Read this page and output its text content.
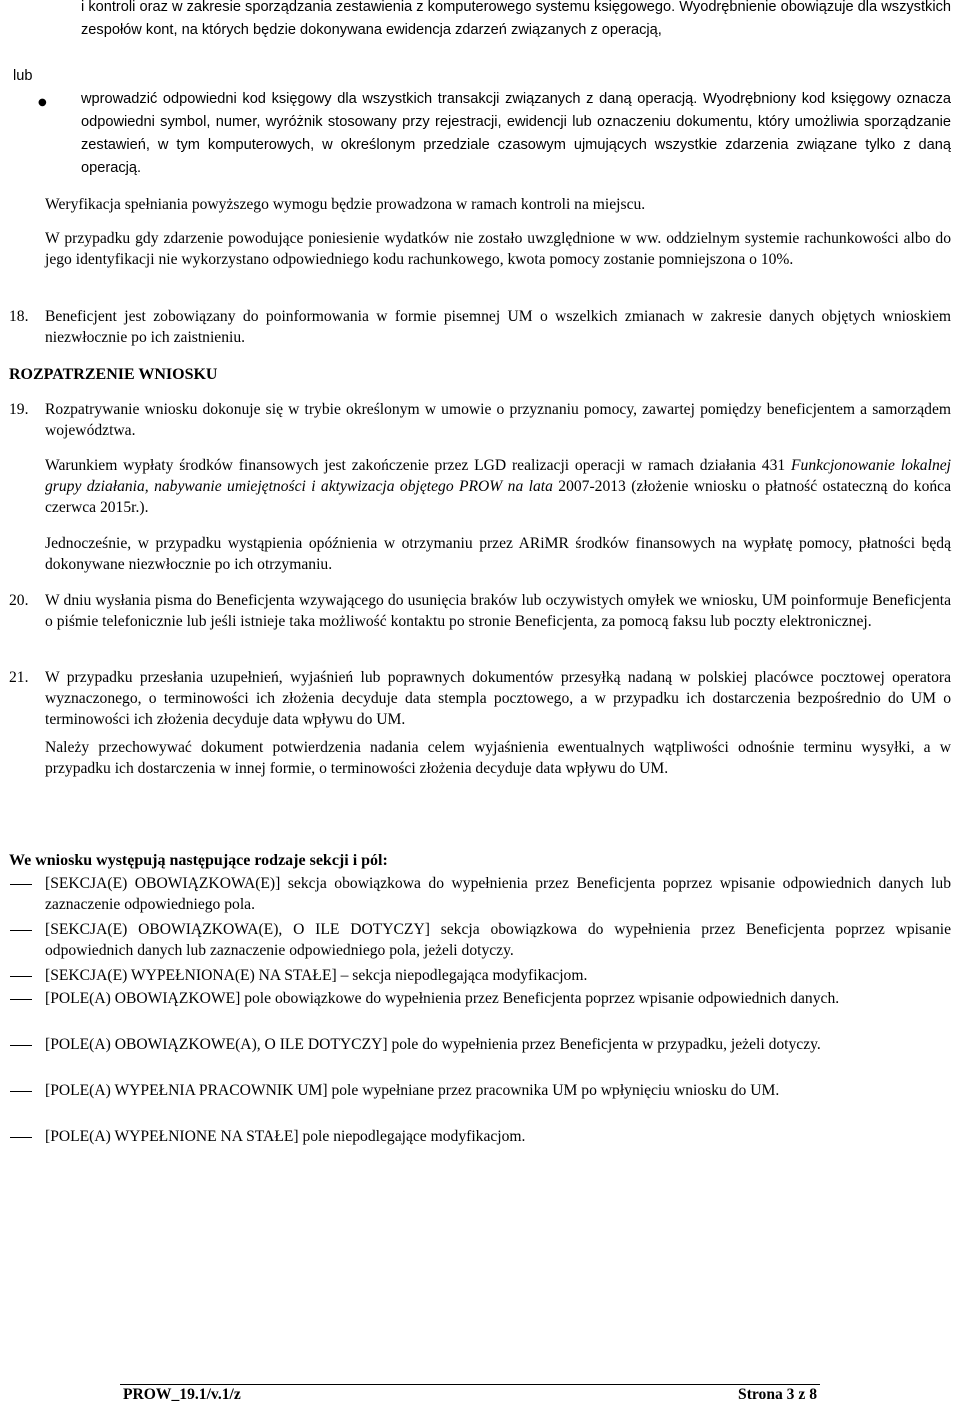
i kontroli oraz w zakresie sporządzania zestawienia z komputerowego systemu księgowego. Wyodrębnienie obowiązuje dla wszystkich zespołów kont, na których będzie dokonywana ewidencja zdarzeń związanych z operacją,

lub

● wprowadzić odpowiedni kod księgowy dla wszystkich transakcji związanych z daną operacją. Wyodrębniony kod księgowy oznacza odpowiedni symbol, numer, wyróżnik stosowany przy rejestracji, ewidencji lub oznaczeniu dokumentu, który umożliwia sporządzanie zestawień, w tym komputerowych, w określonym przedziale czasowym ujmujących wszystkie zdarzenia związane tylko z daną operacją.

Weryfikacja spełniania powyższego wymogu będzie prowadzona w ramach kontroli na miejscu.

W przypadku gdy zdarzenie powodujące poniesienie wydatków nie zostało uwzględnione w ww. oddzielnym systemie rachunkowości albo do jego identyfikacji nie wykorzystano odpowiedniego kodu rachunkowego, kwota pomocy zostanie pomniejszona o 10%.

18. Beneficjent jest zobowiązany do poinformowania w formie pisemnej UM o wszelkich zmianach w zakresie danych objętych wnioskiem niezwłocznie po ich zaistnieniu.

ROZPATRZENIE WNIOSKU

19. Rozpatrywanie wniosku dokonuje się w trybie określonym w umowie o przyznaniu pomocy, zawartej pomiędzy beneficjentem a samorządem województwa.

Warunkiem wypłaty środków finansowych jest zakończenie przez LGD realizacji operacji w ramach działania 431 Funkcjonowanie lokalnej grupy działania, nabywanie umiejętności i aktywizacja objętego PROW na lata 2007-2013 (złożenie wniosku o płatność ostateczną do końca czerwca 2015r.).

Jednocześnie, w przypadku wystąpienia opóźnienia w otrzymaniu przez ARiMR środków finansowych na wypłatę pomocy, płatności będą dokonywane niezwłocznie po ich otrzymaniu.

20. W dniu wysłania pisma do Beneficjenta wzywającego do usunięcia braków lub oczywistych omyłek we wniosku, UM poinformuje Beneficjenta o piśmie telefonicznie lub jeśli istnieje taka możliwość kontaktu po stronie Beneficjenta, za pomocą faksu lub poczty elektronicznej.

21. W przypadku przesłania uzupełnień, wyjaśnień lub poprawnych dokumentów przesyłką nadaną w polskiej placówce pocztowej operatora wyznaczonego, o terminowości ich złożenia decyduje data stempla pocztowego, a w przypadku ich dostarczenia bezpośrednio do UM o terminowości ich złożenia decyduje data wpływu do UM.

Należy przechowywać dokument potwierdzenia nadania celem wyjaśnienia ewentualnych wątpliwości odnośnie terminu wysyłki, a w przypadku ich dostarczenia w innej formie, o terminowości złożenia decyduje data wpływu do UM.

We wniosku występują następujące rodzaje sekcji i pól:

[SEKCJA(E) OBOWIĄZKOWA(E)] sekcja obowiązkowa do wypełnienia przez Beneficjenta poprzez wpisanie odpowiednich danych lub zaznaczenie odpowiedniego pola.

[SEKCJA(E) OBOWIĄZKOWA(E), O ILE DOTYCZY] sekcja obowiązkowa do wypełnienia przez Beneficjenta poprzez wpisanie odpowiednich danych lub zaznaczenie odpowiedniego pola, jeżeli dotyczy.

[SEKCJA(E) WYPEŁNIONA(E) NA STAŁE] – sekcja niepodlegająca modyfikacjom.

[POLE(A) OBOWIĄZKOWE] pole obowiązkowe do wypełnienia przez Beneficjenta poprzez wpisanie odpowiednich danych.

[POLE(A) OBOWIĄZKOWE(A), O ILE DOTYCZY] pole do wypełnienia przez Beneficjenta w przypadku, jeżeli dotyczy.

[POLE(A) WYPEŁNIA PRACOWNIK UM] pole wypełniane przez pracownika UM po wpłynięciu wniosku do UM.

[POLE(A) WYPEŁNIONE NA STAŁE] pole niepodlegające modyfikacjom.

PROW_19.1/v.1/z	Strona 3 z 8
